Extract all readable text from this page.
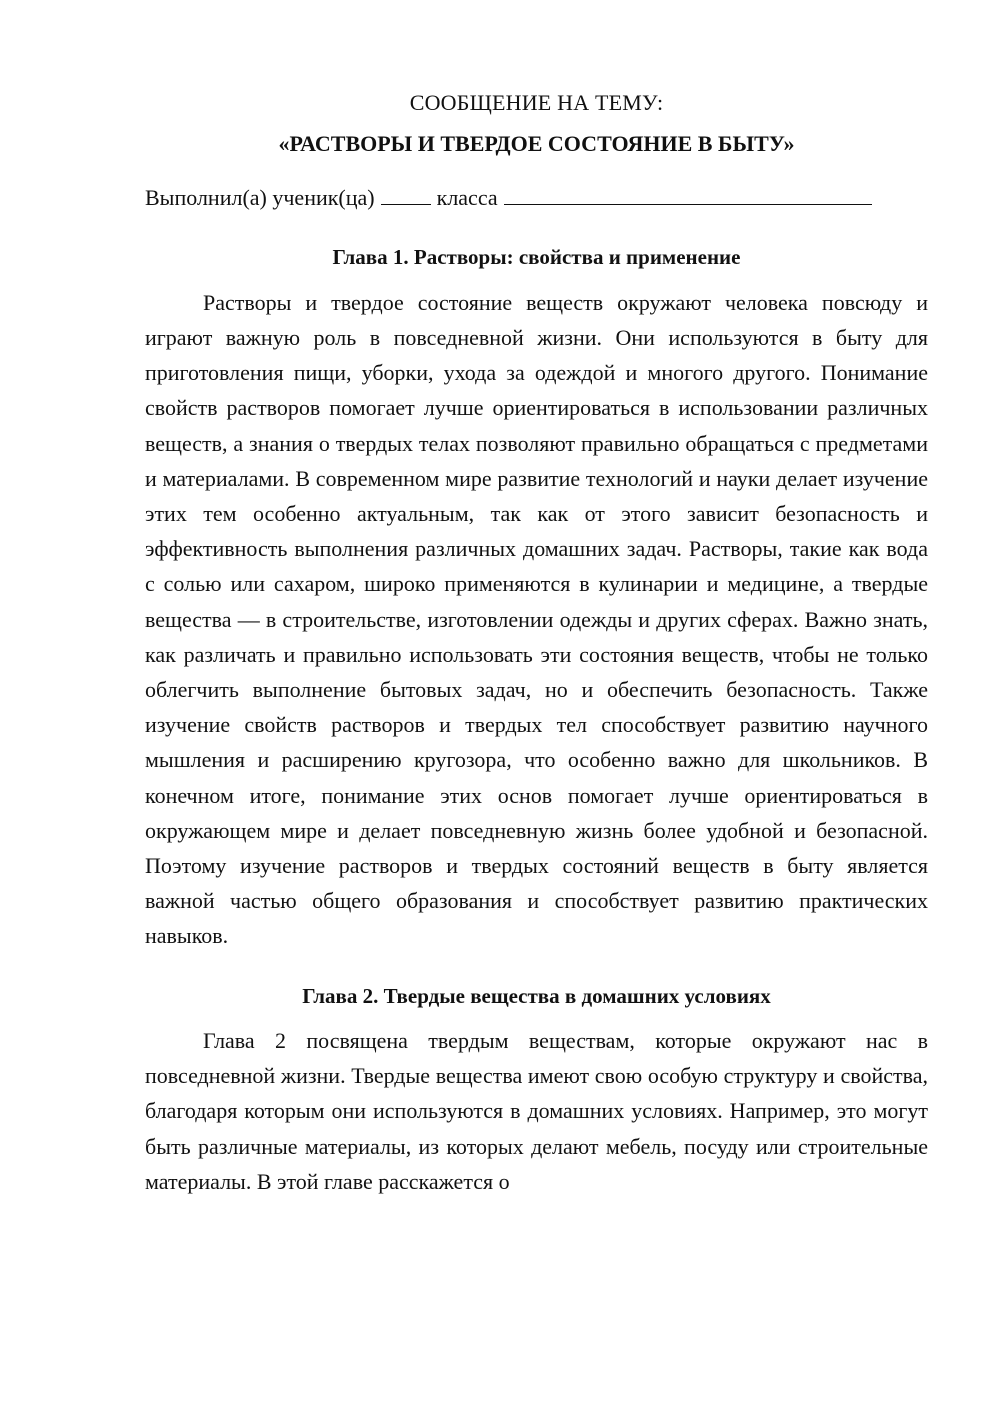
СООБЩЕНИЕ НА ТЕМУ:

«РАСТВОРЫ И ТВЕРДОЕ СОСТОЯНИЕ В БЫТУ»

Выполнил(а) ученик(ца)	класса

Глава 1. Растворы: свойства и применение

Растворы и твердое состояние веществ окружают человека повсюду и играют важную роль в повседневной жизни. Они используются в быту для приготовления пищи, уборки, ухода за одеждой и многого другого. Понимание свойств растворов помогает лучше ориентироваться в использовании различных веществ, а знания о твердых телах позволяют правильно обращаться с предметами и материалами. В современном мире развитие технологий и науки делает изучение этих тем особенно актуальным, так как от этого зависит безопасность и эффективность выполнения различных домашних задач. Растворы, такие как вода с солью или сахаром, широко применяются в кулинарии и медицине, а твердые вещества — в строительстве, изготовлении одежды и других сферах. Важно знать, как различать и правильно использовать эти состояния веществ, чтобы не только облегчить выполнение бытовых задач, но и обеспечить безопасность. Также изучение свойств растворов и твердых тел способствует развитию научного мышления и расширению кругозора, что особенно важно для школьников. В конечном итоге, понимание этих основ помогает лучше ориентироваться в окружающем мире и делает повседневную жизнь более удобной и безопасной. Поэтому изучение растворов и твердых состояний веществ в быту является важной частью общего образования и способствует развитию практических навыков.

Глава 2. Твердые вещества в домашних условиях

Глава 2 посвящена твердым веществам, которые окружают нас в повседневной жизни. Твердые вещества имеют свою особую структуру и свойства, благодаря которым они используются в домашних условиях. Например, это могут быть различные материалы, из которых делают мебель, посуду или строительные материалы. В этой главе расскажется о
